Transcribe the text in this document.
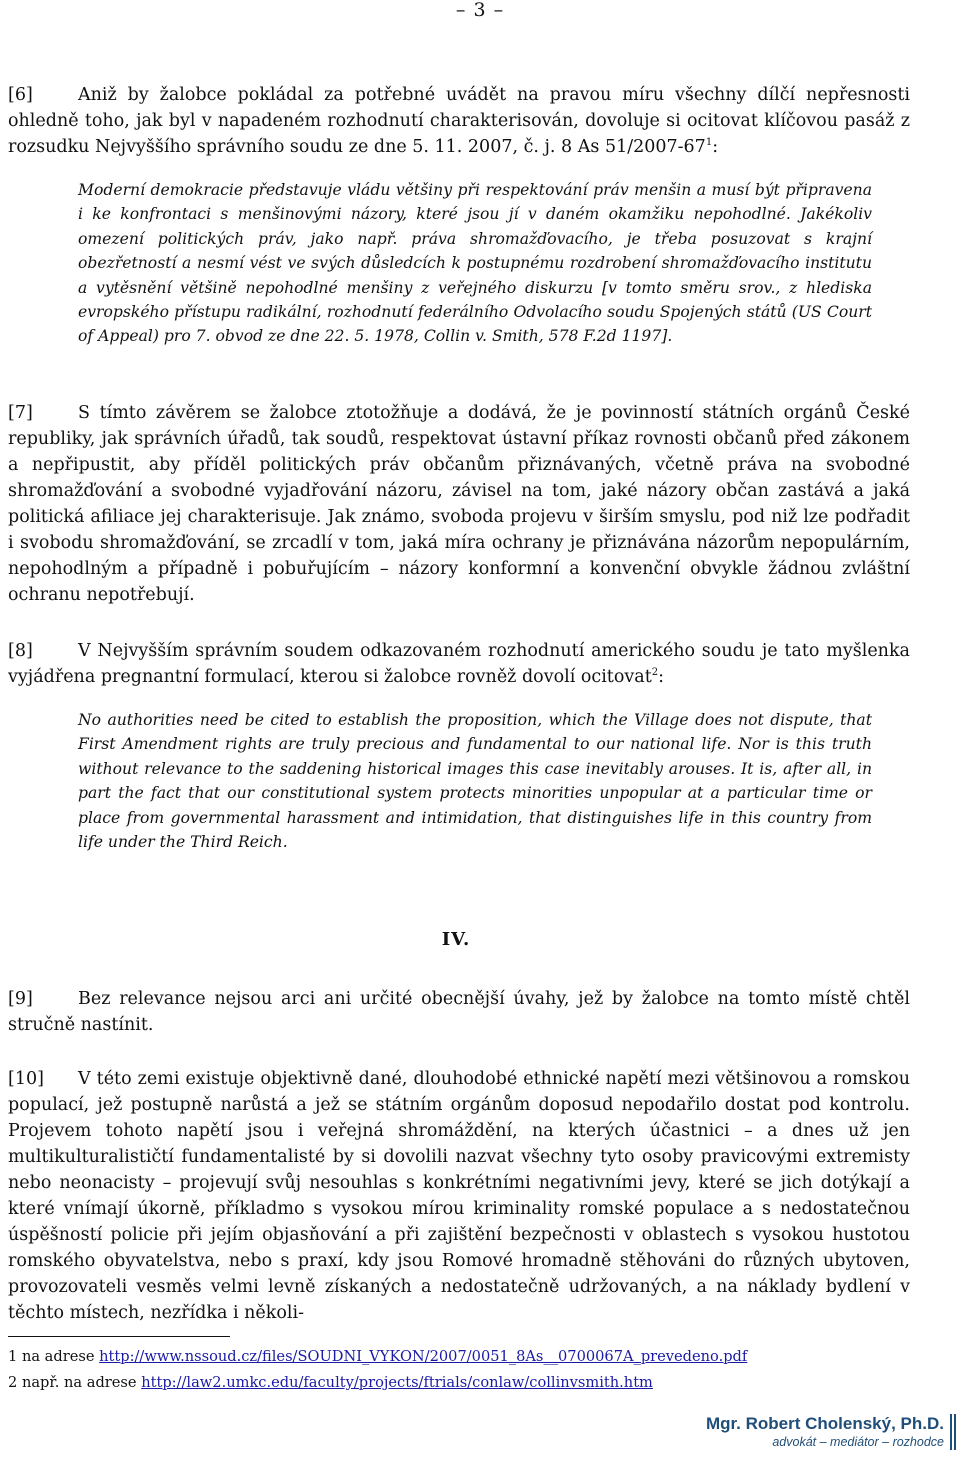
– 3 –
[6]	Aniž by žalobce pokládal za potřebné uvádět na pravou míru všechny dílčí nepřesnosti ohledně toho, jak byl v napadeném rozhodnutí charakterisován, dovoluje si ocitovat klíčovou pasáž z rozsudku Nejvyššího správního soudu ze dne 5. 11. 2007, č. j. 8 As $51/2007-67^1$:
Moderní demokracie představuje vládu většiny při respektování práv menšin a musí být připravena i ke konfrontaci s menšinovými názory, které jsou jí v daném okamžiku nepohodlné. Jakékoliv omezení politických práv, jako např. práva shromažďovacího, je třeba posuzovat s krajní obezřetností a nesmí vést ve svých důsledcích k postupnému rozdrobení shromažďovacího institutu a vytěsnění většině nepohodlné menšiny z veřejného diskurzu [v tomto směru srov., z hlediska evropského přístupu radikální, rozhodnutí federálního Odvolacího soudu Spojených států (US Court of Appeal) pro 7. obvod ze dne 22. 5. 1978, Collin v. Smith, 578 F.2d 1197].
[7]	S tímto závěrem se žalobce ztotožňuje a dodává, že je povinností státních orgánů České republiky, jak správních úřadů, tak soudů, respektovat ústavní příkaz rovnosti občanů před zákonem a nepřipustit, aby příděl politických práv občanům přiznávaných, včetně práva na svobodné shromažďování a svobodné vyjadřování názoru, závisel na tom, jaké názory občan zastává a jaká politická afiliace jej charakterisuje. Jak známo, svoboda projevu v širším smyslu, pod niž lze podřadit i svobodu shromažďování, se zrcadlí v tom, jaká míra ochrany je přiznávána názorům nepopulárním, nepohodlným a případně i pobuřujícím – názory konformní a konvenční obvykle žádnou zvláštní ochranu nepotřebují.
[8]	V Nejvyšším správním soudem odkazovaném rozhodnutí amerického soudu je tato myšlenka vyjádřena pregnantní formulací, kterou si žalobce rovněž dovolí ocitovat$^2$:
No authorities need be cited to establish the proposition, which the Village does not dispute, that First Amendment rights are truly precious and fundamental to our national life. Nor is this truth without relevance to the saddening historical images this case inevitably arouses. It is, after all, in part the fact that our constitutional system protects minorities unpopular at a particular time or place from governmental harassment and intimidation, that distinguishes life in this country from life under the Third Reich.
IV.
[9]	Bez relevance nejsou arci ani určité obecnější úvahy, jež by žalobce na tomto místě chtěl stručně nastínit.
[10] V této zemi existuje objektivně dané, dlouhodobé ethnické napětí mezi většinovou a romskou populací, jež postupně narůstá a jež se státním orgánům doposud nepodařilo dostat pod kontrolu. Projevem tohoto napětí jsou i veřejná shromáždění, na kterých účastnici – a dnes už jen multikulturalističtí fundamentalisté by si dovolili nazvat všechny tyto osoby pravicovými extremisty nebo neonacisty – projevují svůj nesouhlas s konkrétními negativními jevy, které se jich dotýkají a které vnímají úkorně, příkladmo s vysokou mírou kriminality romské populace a s nedostatečnou úspěšností policie při jejím objasňování a při zajištění bezpečnosti v oblastech s vysokou hustotou romského obyvatelstva, nebo s praxí, kdy jsou Romové hromadně stěhováni do různých ubytoven, provozovateli vesměs velmi levně získaných a nedostatečně udržovaných, a na náklady bydlení v těchto místech, nezřídka i několi-
1 na adrese http://www.nssoud.cz/files/SOUDNI_VYKON/2007/0051_8As__0700067A_prevedeno.pdf
2 např. na adrese http://law2.umkc.edu/faculty/projects/ftrials/conlaw/collinvsmith.htm
Mgr. Robert Cholenský, Ph.D.
advokát – mediátor – rozhodce
